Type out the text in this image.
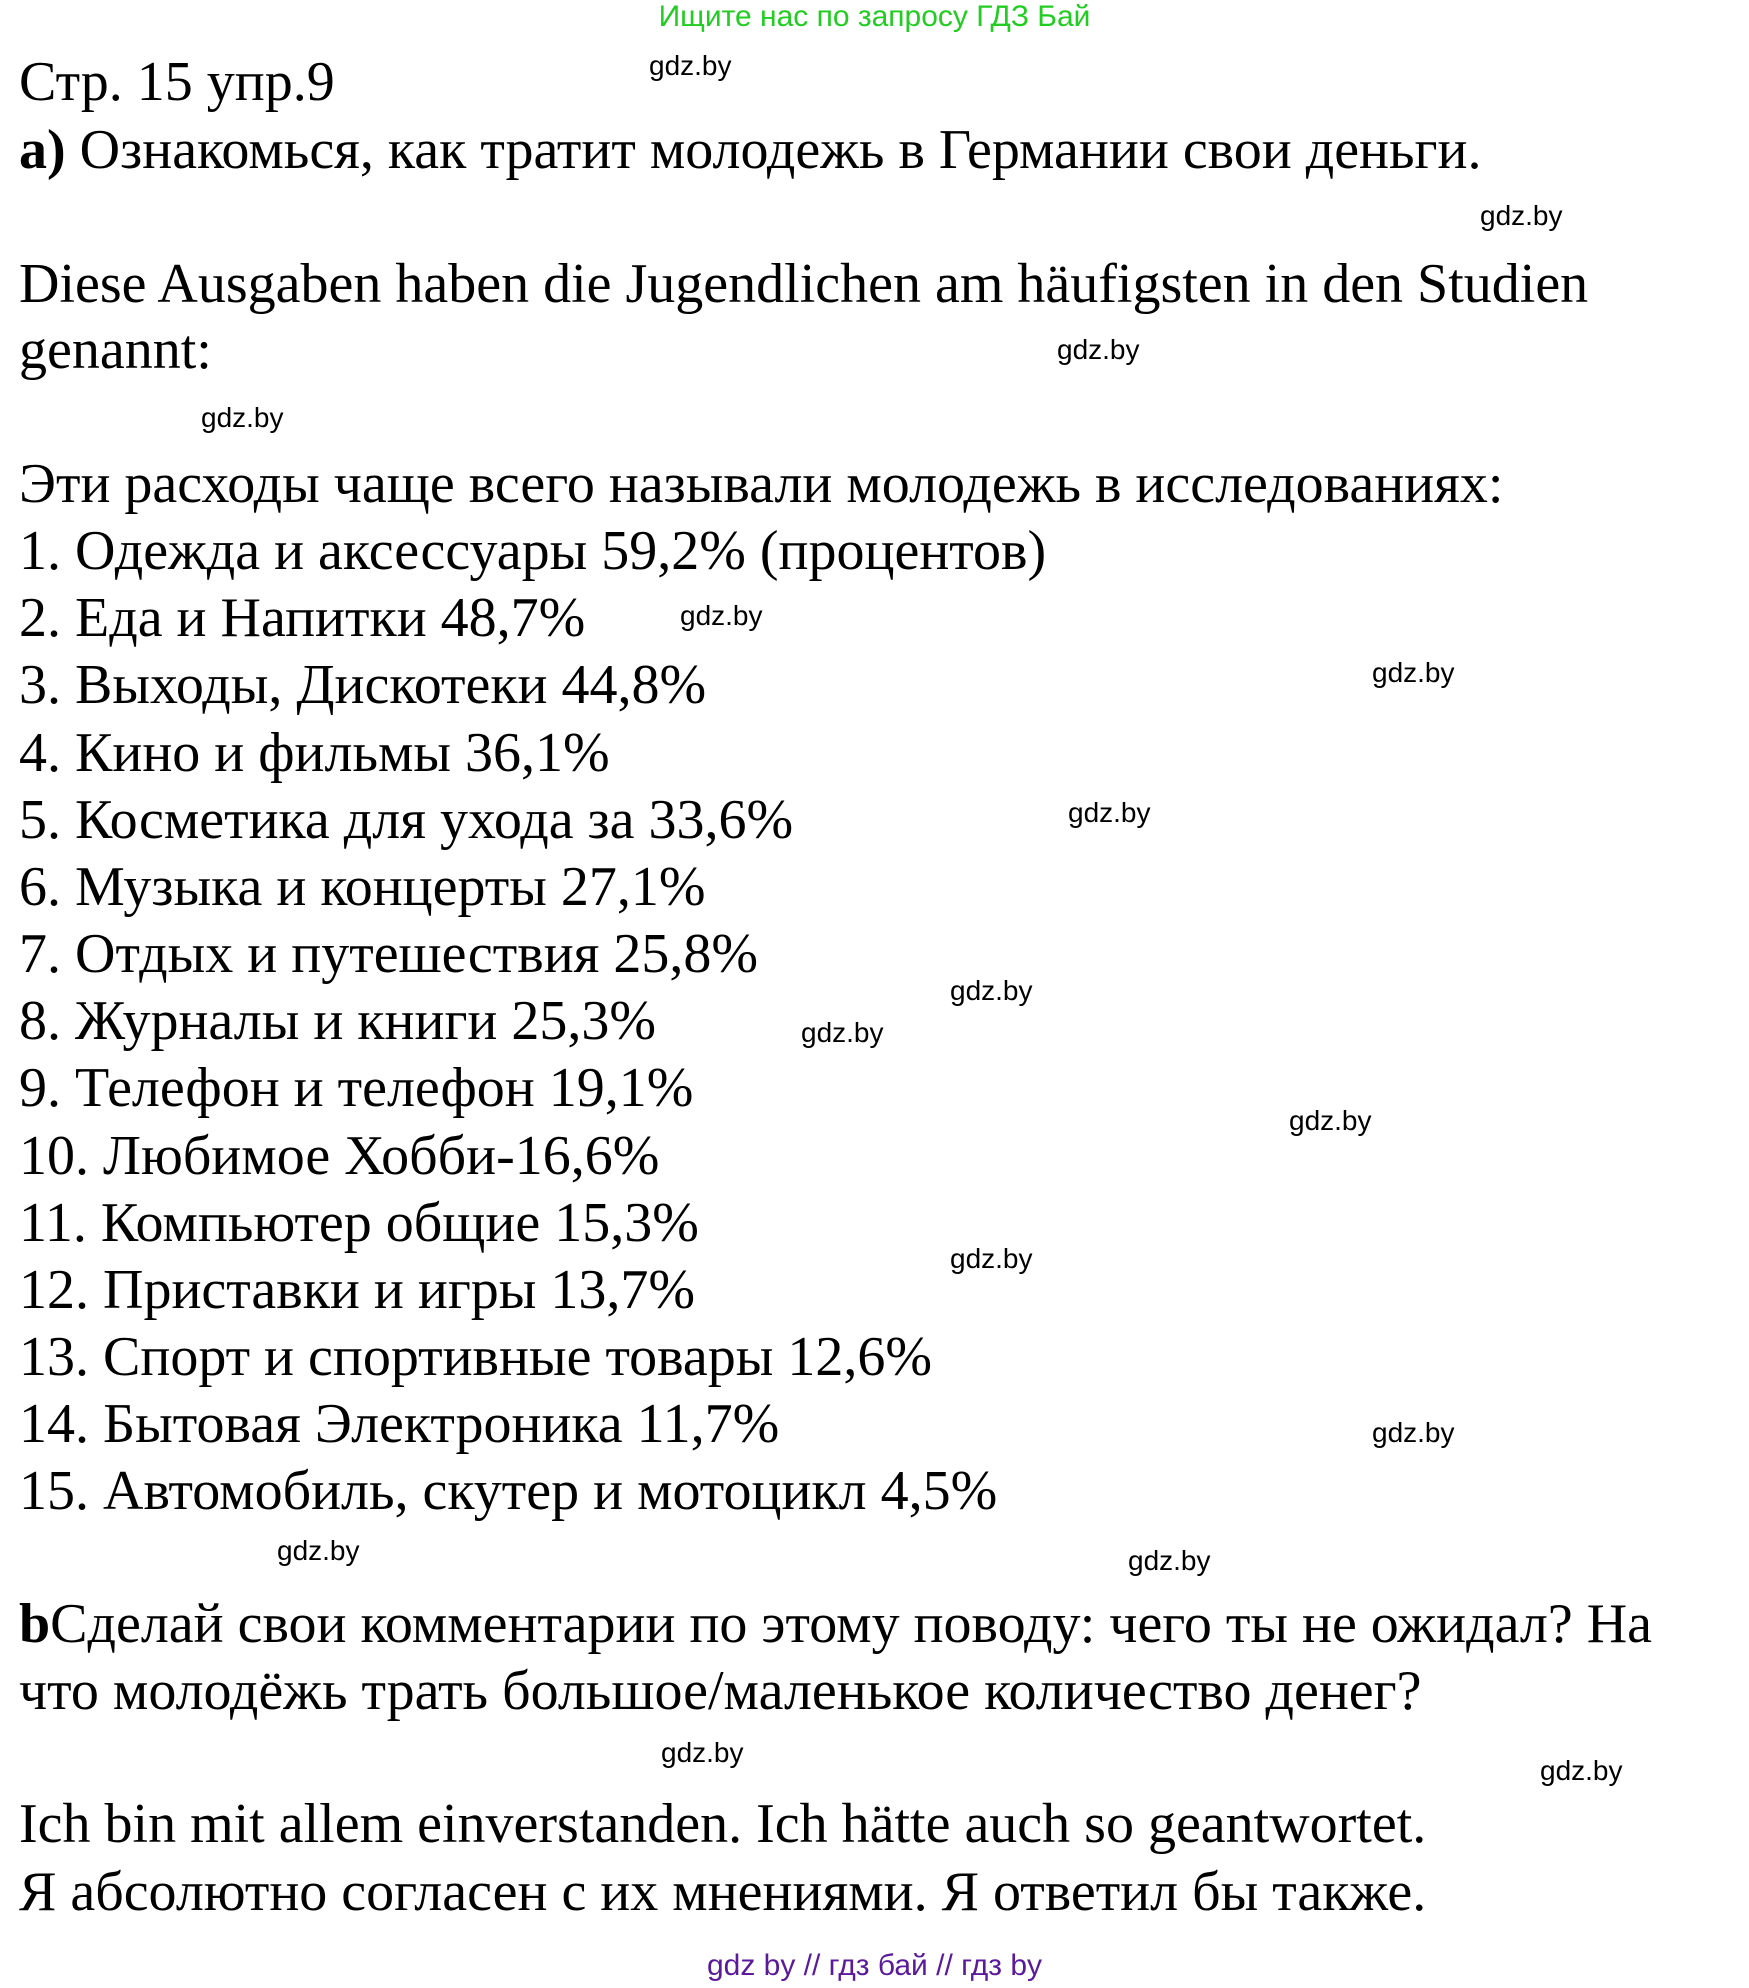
Ищите нас по запросу ГДЗ Бай
Стр. 15 упр.9
а) Ознакомься, как тратит молодежь в Германии свои деньги.
Diese Ausgaben haben die Jugendlichen am häufigsten in den Studien
genannt:
Эти расходы чаще всего называли молодежь в исследованиях:
1. Одежда и аксессуары 59,2% (процентов)
2. Еда и Напитки 48,7%
3. Выходы, Дискотеки 44,8%
4. Кино и фильмы 36,1%
5. Косметика для ухода за 33,6%
6. Музыка и концерты 27,1%
7. Отдых и путешествия 25,8%
8. Журналы и книги 25,3%
9. Телефон и телефон 19,1%
10. Любимое Хобби-16,6%
11. Компьютер общие 15,3%
12. Приставки и игры 13,7%
13. Спорт и спортивные товары 12,6%
14. Бытовая Электроника 11,7%
15. Автомобиль, скутер и мотоцикл 4,5%
bСделай свои комментарии по этому поводу: чего ты не ожидал? На
что молодёжь трать большое/маленькое количество денег?
Ich bin mit allem einverstanden. Ich hätte auch so geantwortet.
Я абсолютно согласен с их мнениями. Я ответил бы также.
gdz.by
gdz.by
gdz.by
gdz.by
gdz.by
gdz.by
gdz.by
gdz.by
gdz.by
gdz.by
gdz.by
gdz.by
gdz.by	gdz.by
gdz.by
gdz.by
gdz by // гдз бай // гдз by
